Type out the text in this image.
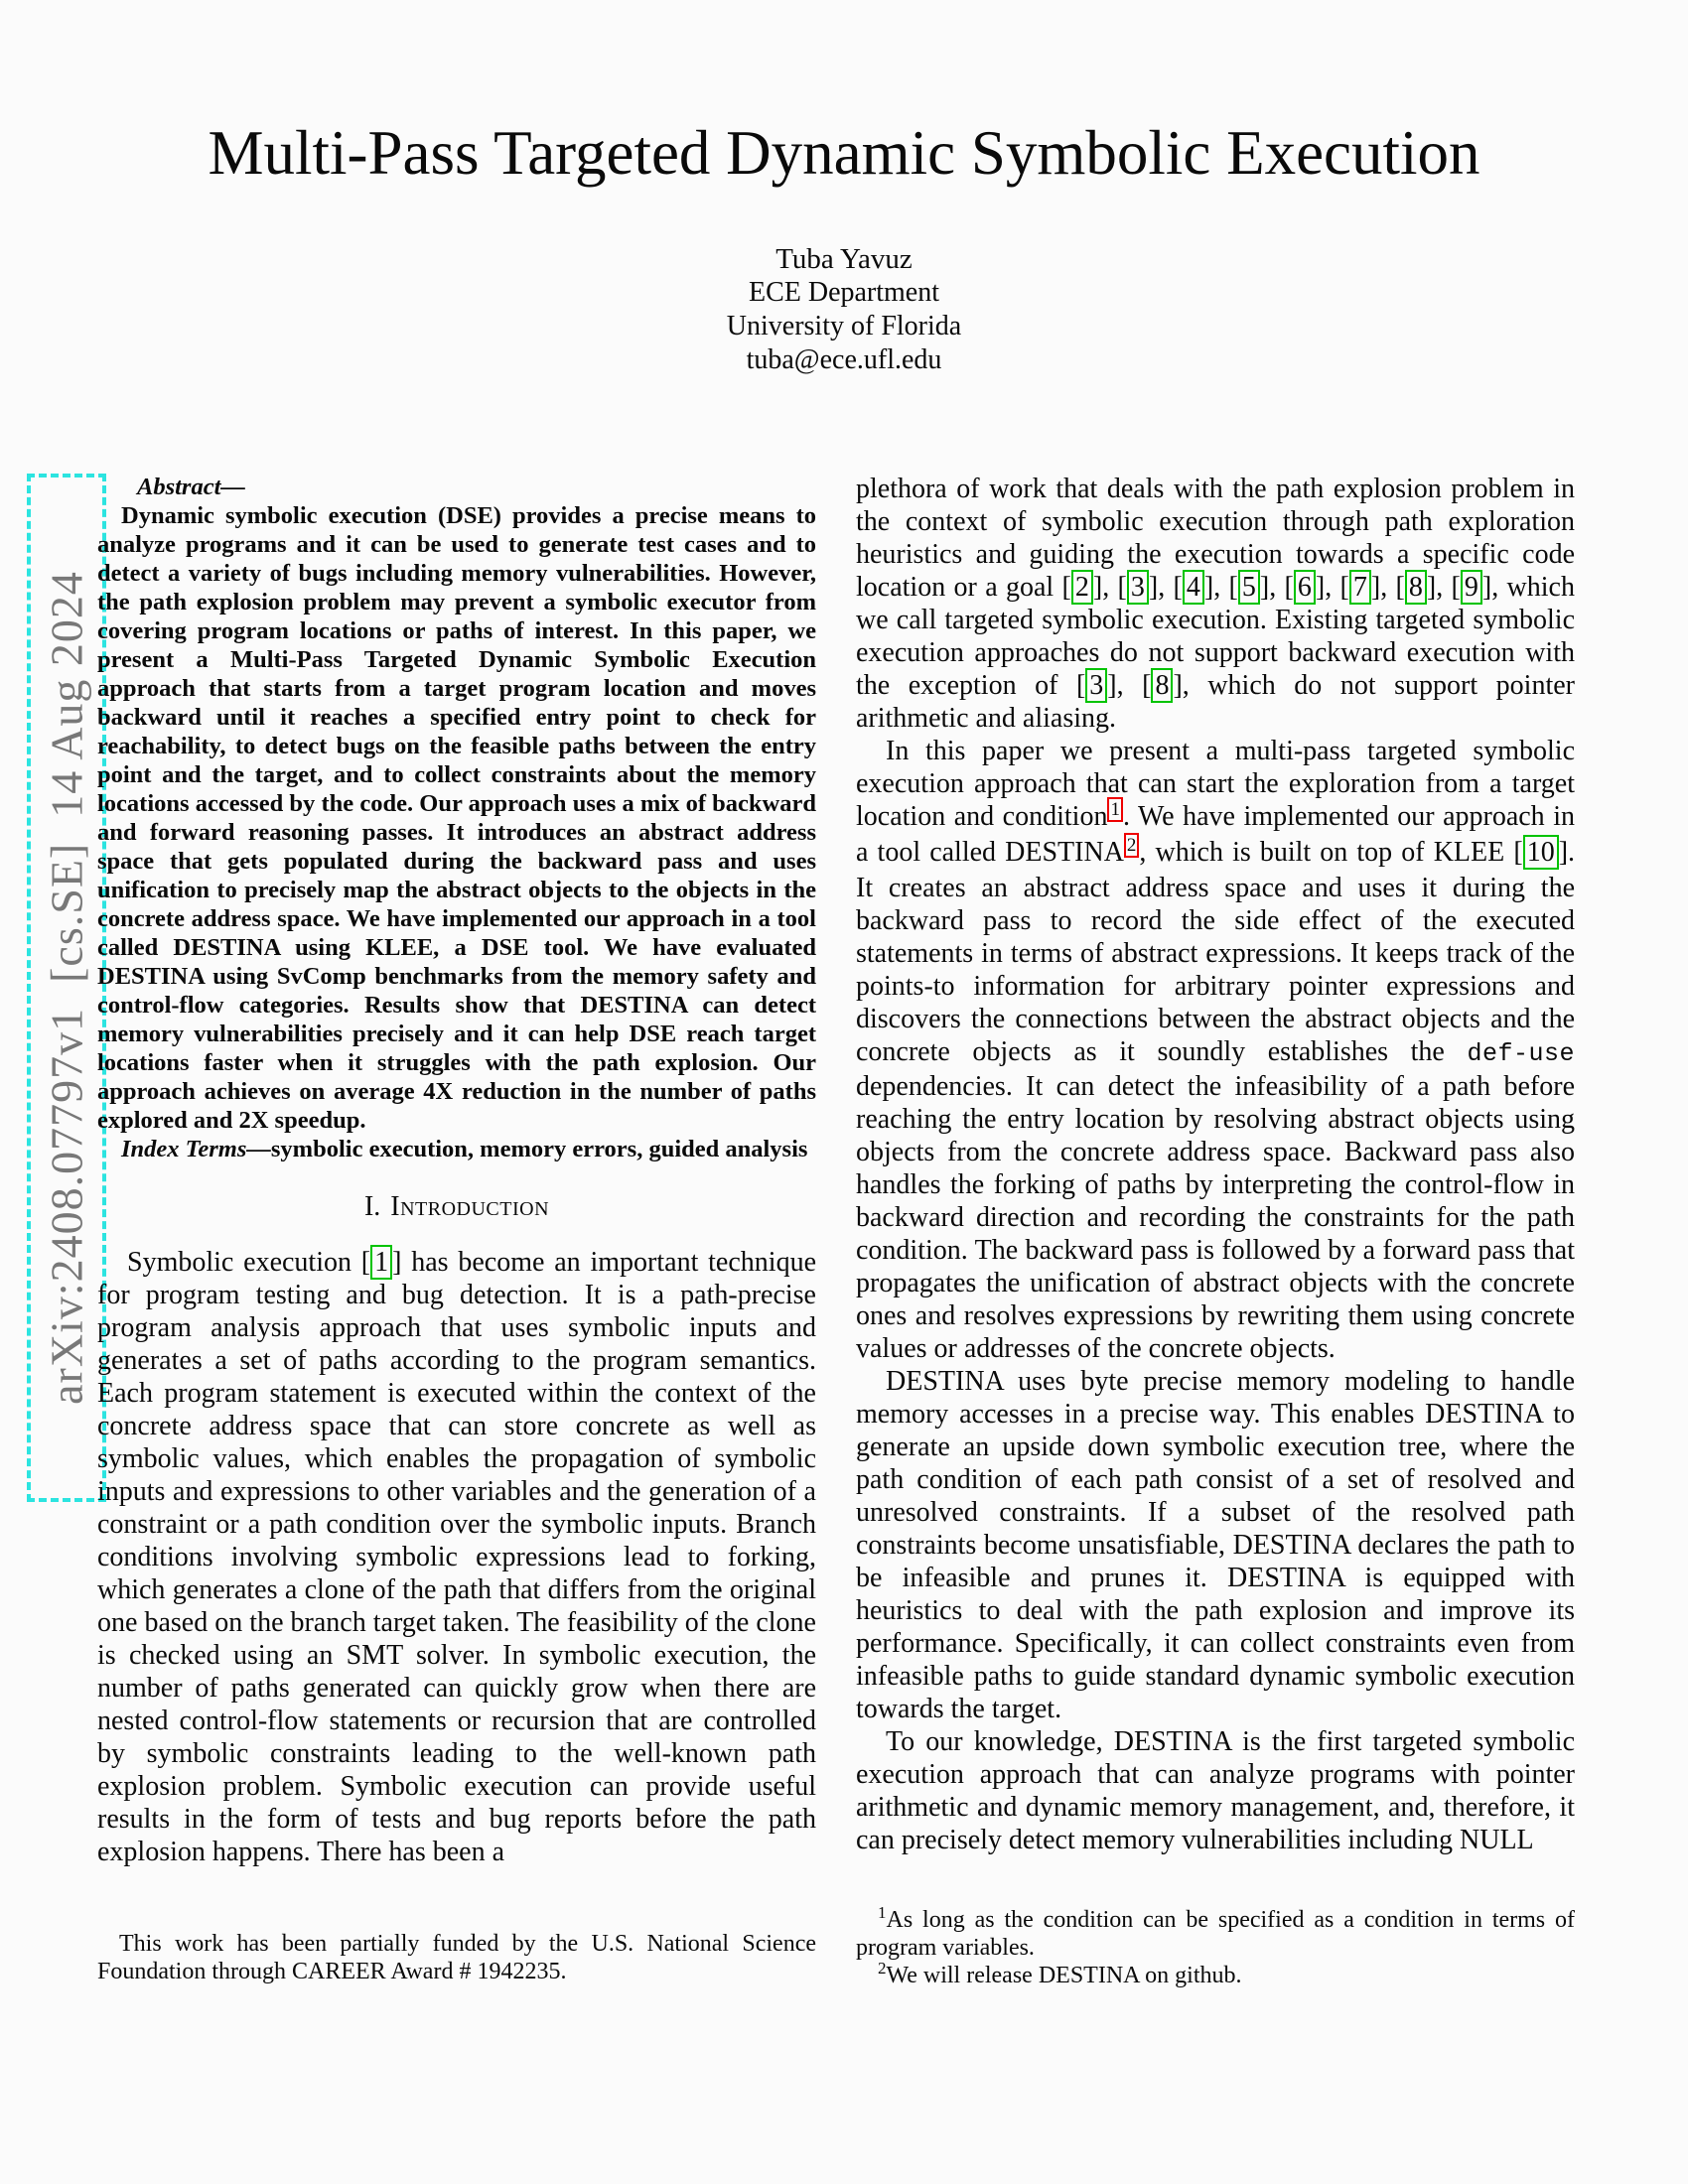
arXiv:2408.07797v1  [cs.SE]  14 Aug 2024
Multi-Pass Targeted Dynamic Symbolic Execution
Tuba Yavuz
ECE Department
University of Florida
tuba@ece.ufl.edu
Abstract—

Dynamic symbolic execution (DSE) provides a precise means to analyze programs and it can be used to generate test cases and to detect a variety of bugs including memory vulnerabilities. However, the path explosion problem may prevent a symbolic executor from covering program locations or paths of interest. In this paper, we present a Multi-Pass Targeted Dynamic Symbolic Execution approach that starts from a target program location and moves backward until it reaches a specified entry point to check for reachability, to detect bugs on the feasible paths between the entry point and the target, and to collect constraints about the memory locations accessed by the code. Our approach uses a mix of backward and forward reasoning passes. It introduces an abstract address space that gets populated during the backward pass and uses unification to precisely map the abstract objects to the objects in the concrete address space. We have implemented our approach in a tool called DESTINA using KLEE, a DSE tool. We have evaluated DESTINA using SvComp benchmarks from the memory safety and control-flow categories. Results show that DESTINA can detect memory vulnerabilities precisely and it can help DSE reach target locations faster when it struggles with the path explosion. Our approach achieves on average 4X reduction in the number of paths explored and 2X speedup.

Index Terms—symbolic execution, memory errors, guided analysis

I. Introduction

Symbolic execution [ 1 ] has become an important technique for program testing and bug detection. It is a path-precise program analysis approach that uses symbolic inputs and generates a set of paths according to the program semantics. Each program statement is executed within the context of the concrete address space that can store concrete as well as symbolic values, which enables the propagation of symbolic inputs and expressions to other variables and the generation of a constraint or a path condition over the symbolic inputs. Branch conditions involving symbolic expressions lead to forking, which generates a clone of the path that differs from the original one based on the branch target taken. The feasibility of the clone is checked using an SMT solver. In symbolic execution, the number of paths generated can quickly grow when there are nested control-flow statements or recursion that are controlled by symbolic constraints leading to the well-known path explosion problem. Symbolic execution can provide useful results in the form of tests and bug reports before the path explosion happens. There has been a

plethora of work that deals with the path explosion problem in the context of symbolic execution through path exploration heuristics and guiding the execution towards a specific code location or a goal [ 2 ], [ 3 ], [ 4 ], [ 5 ], [ 6 ], [ 7 ], [ 8 ], [ 9 ], which we call targeted symbolic execution. Existing targeted symbolic execution approaches do not support backward execution with the exception of [ 3 ], [ 8 ], which do not support pointer arithmetic and aliasing.

In this paper we present a multi-pass targeted symbolic execution approach that can start the exploration from a target location and condition $^1$ . We have implemented our approach in a tool called DESTINA $^2$ , which is built on top of KLEE [ 10 ]. It creates an abstract address space and uses it during the backward pass to record the side effect of the executed statements in terms of abstract expressions. It keeps track of the points-to information for arbitrary pointer expressions and discovers the connections between the abstract objects and the concrete objects as it soundly establishes the def-use dependencies. It can detect the infeasibility of a path before reaching the entry location by resolving abstract objects using objects from the concrete address space. Backward pass also handles the forking of paths by interpreting the control-flow in backward direction and recording the constraints for the path condition. The backward pass is followed by a forward pass that propagates the unification of abstract objects with the concrete ones and resolves expressions by rewriting them using concrete values or addresses of the concrete objects.

DESTINA uses byte precise memory modeling to handle memory accesses in a precise way. This enables DESTINA to generate an upside down symbolic execution tree, where the path condition of each path consist of a set of resolved and unresolved constraints. If a subset of the resolved path constraints become unsatisfiable, DESTINA declares the path to be infeasible and prunes it. DESTINA is equipped with heuristics to deal with the path explosion and improve its performance. Specifically, it can collect constraints even from infeasible paths to guide standard dynamic symbolic execution towards the target.

To our knowledge, DESTINA is the first targeted symbolic execution approach that can analyze programs with pointer arithmetic and dynamic memory management, and, therefore, it can precisely detect memory vulnerabilities including NULL

This work has been partially funded by the U.S. National Science Foundation through CAREER Award # 1942235.

$^1$As long as the condition can be specified as a condition in terms of program variables.

$^2$We will release DESTINA on github.
